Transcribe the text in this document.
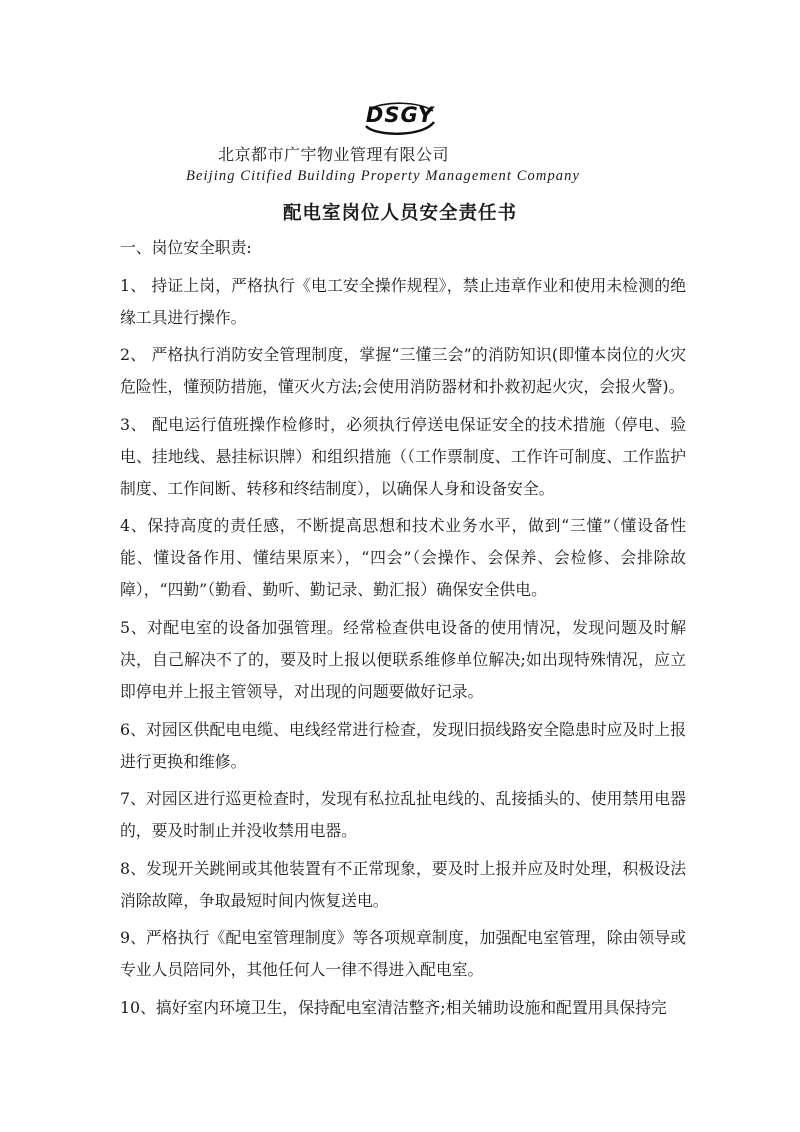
DSGY
北京都市广宇物业管理有限公司
Beijing Citified Building Property Management Company
配电室岗位人员安全责任书

一、岗位安全职责:

1、 持证上岗，严格执行《电工安全操作规程》，禁止违章作业和使用未检测的绝缘工具进行操作。

2、 严格执行消防安全管理制度，掌握“三懂三会”的消防知识(即懂本岗位的火灾危险性，懂预防措施，懂灭火方法;会使用消防器材和扑救初起火灾，会报火警)。

3、 配电运行值班操作检修时，必须执行停送电保证安全的技术措施（停电、验电、挂地线、悬挂标识牌）和组织措施（（工作票制度、工作许可制度、工作监护制度、工作间断、转移和终结制度），以确保人身和设备安全。

4、保持高度的责任感，不断提高思想和技术业务水平，做到“三懂”（懂设备性能、懂设备作用、懂结果原来），“四会”（会操作、会保养、会检修、会排除故障），“四勤”（勤看、勤听、勤记录、勤汇报）确保安全供电。

5、对配电室的设备加强管理。经常检查供电设备的使用情况，发现问题及时解决，自己解决不了的，要及时上报以便联系维修单位解决;如出现特殊情况，应立即停电并上报主管领导，对出现的问题要做好记录。

6、对园区供配电电缆、电线经常进行检查，发现旧损线路安全隐患时应及时上报进行更换和维修。

7、对园区进行巡更检查时，发现有私拉乱扯电线的、乱接插头的、使用禁用电器的，要及时制止并没收禁用电器。

8、发现开关跳闸或其他装置有不正常现象，要及时上报并应及时处理，积极设法消除故障，争取最短时间内恢复送电。

9、严格执行《配电室管理制度》等各项规章制度，加强配电室管理，除由领导或专业人员陪同外，其他任何人一律不得进入配电室。

10、搞好室内环境卫生，保持配电室清洁整齐;相关辅助设施和配置用具保持完
